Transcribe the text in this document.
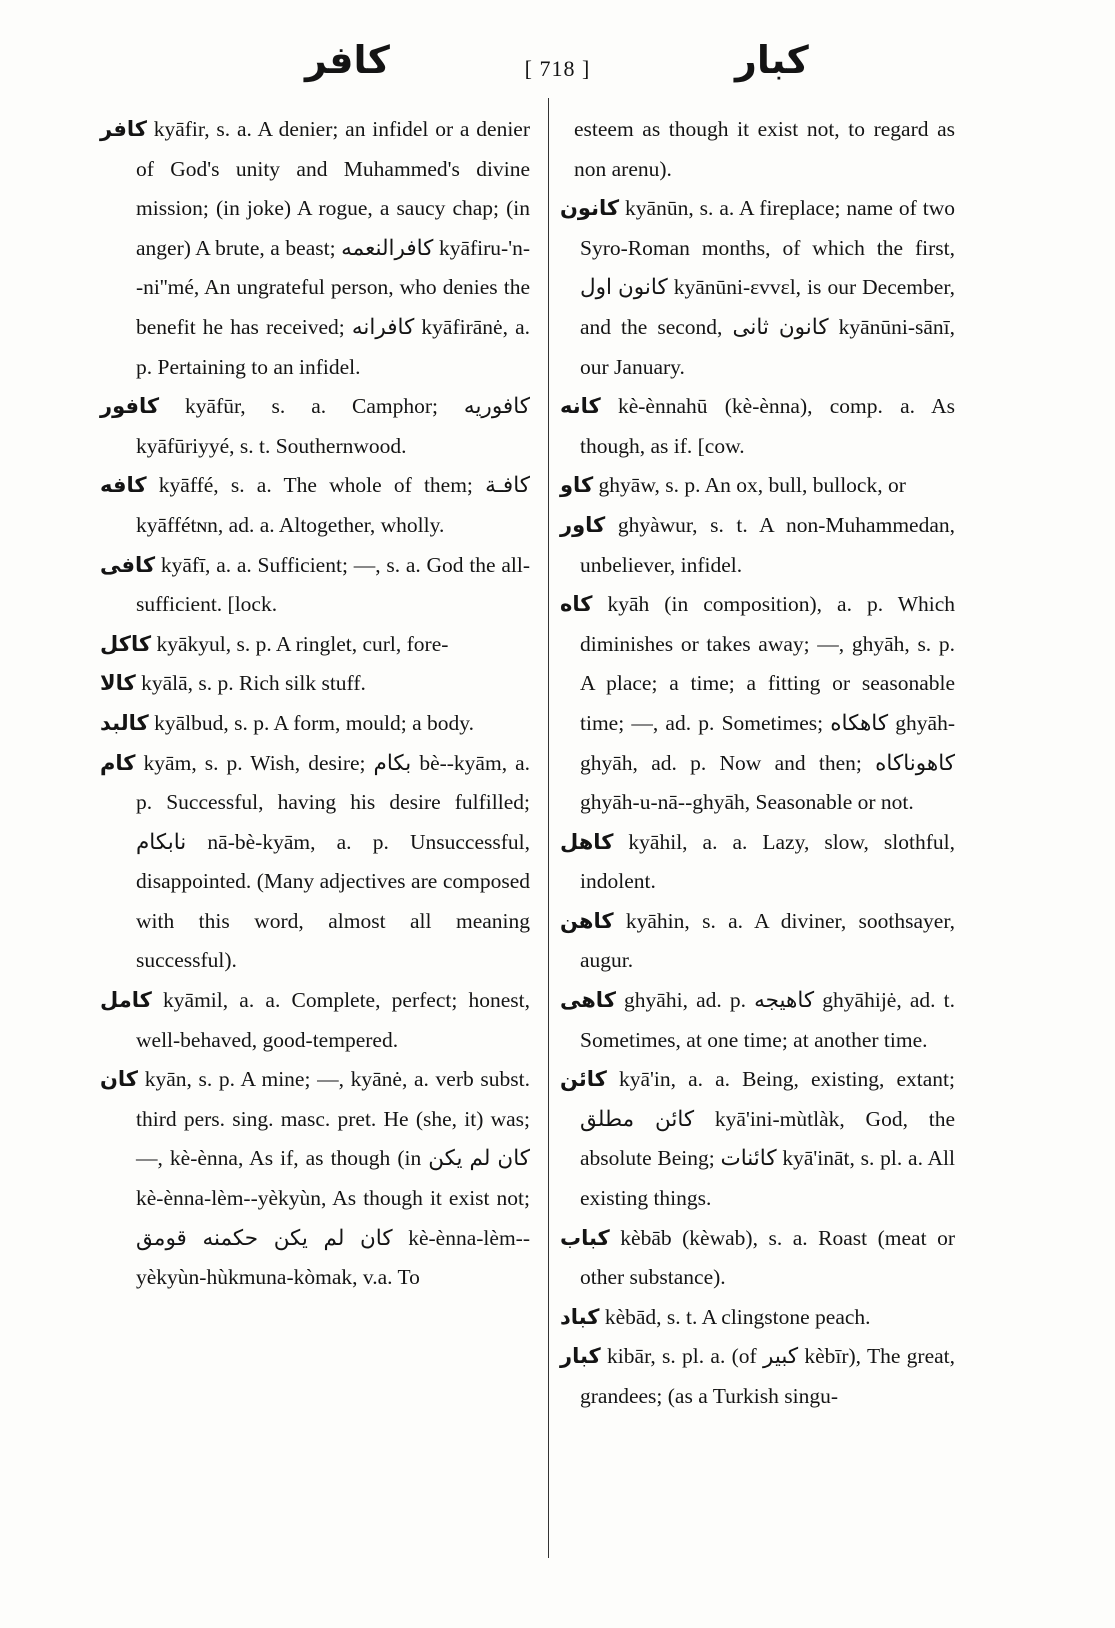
كافر	[ 718 ]	كبار

كافر kyāfir, s. a. A denier; an infidel or a denier of God's unity and Muhammed's divine mission; (in joke) A rogue, a saucy chap; (in anger) A brute, a beast; كافرالنعمه kyāfiru-'n--ni''mé, An ungrateful person, who denies the benefit he has received; كافرانه kyāfirānė, a. p. Pertaining to an infidel.

كافور kyāfūr, s. a. Camphor; كافوريه kyāfūriyyé, s. t. Southernwood.

كافه kyāffé, s. a. The whole of them; كافـة kyāffétɴn, ad. a. Altogether, wholly.

كافى kyāfī, a. a. Sufficient; —, s. a. God the all-sufficient. [lock.

كاكل kyākyul, s. p. A ringlet, curl, fore-

كالا kyālā, s. p. Rich silk stuff.

كالبد kyālbud, s. p. A form, mould; a body.

كام kyām, s. p. Wish, desire; بكام bè--kyām, a. p. Successful, having his desire fulfilled; نابكام nā-bè-kyām, a. p. Unsuccessful, disappointed. (Many adjectives are composed with this word, almost all meaning successful).

كامل kyāmil, a. a. Complete, perfect; honest, well-behaved, good-tempered.

كان kyān, s. p. A mine; —, kyānė, a. verb subst. third pers. sing. masc. pret. He (she, it) was; —, kè-ènna, As if, as though (in كان لم يكن kè-ènna-lèm--yèkyùn, As though it exist not; كان لم يكن حكمنه قومق kè-ènna-lèm--yèkyùn-hùkmuna-kòmak, v.a. To

esteem as though it exist not, to regard as non arenu).

كانون kyānūn, s. a. A fireplace; name of two Syro-Roman months, of which the first, كانون اول kyānūni-ɛvvɛl, is our December, and the second, كانون ثانى kyānūni-sānī, our January.

كانه kè-ènnahū (kè-ènna), comp. a. As though, as if. [cow.

كاو ghyāw, s. p. An ox, bull, bullock, or

كاور ghyàwur, s. t. A non-Muhammedan, unbeliever, infidel.

كاه kyāh (in composition), a. p. Which diminishes or takes away; —, ghyāh, s. p. A place; a time; a fitting or seasonable time; —, ad. p. Sometimes; كاهكاه ghyāh-ghyāh, ad. p. Now and then; كاهوناكاه ghyāh-u-nā--ghyāh, Seasonable or not.

كاهل kyāhil, a. a. Lazy, slow, slothful, indolent.

كاهن kyāhin, s. a. A diviner, soothsayer, augur.

كاهى ghyāhi, ad. p. كاهيجه ghyāhijė, ad. t. Sometimes, at one time; at another time.

كائن kyā'in, a. a. Being, existing, extant; كائن مطلق kyā'ini-mùtlàk, God, the absolute Being; كائنات kyā'ināt, s. pl. a. All existing things.

كباب kèbāb (kèwab), s. a. Roast (meat or other substance).

كباد kèbād, s. t. A clingstone peach.

كبار kibār, s. pl. a. (of كبير kèbīr), The great, grandees; (as a Turkish singu-
